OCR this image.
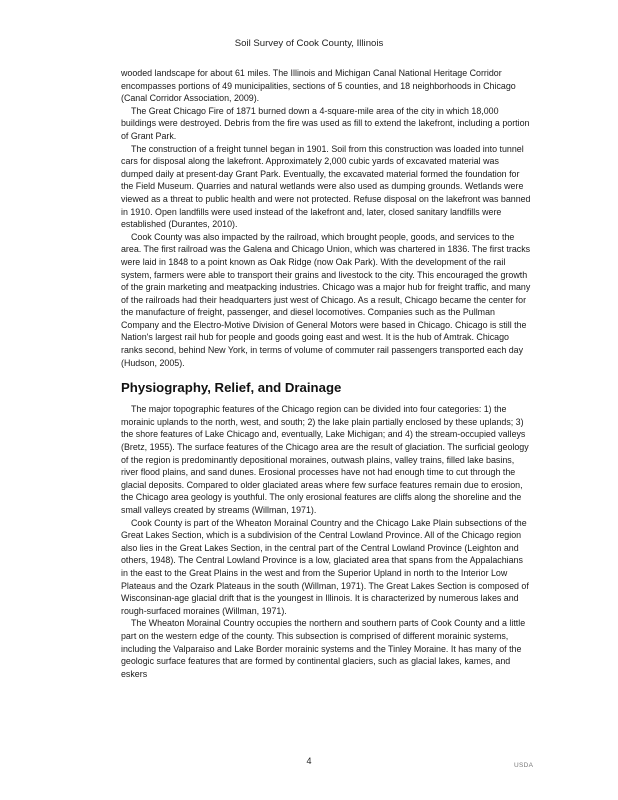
Soil Survey of Cook County, Illinois

wooded landscape for about 61 miles. The Illinois and Michigan Canal National Heritage Corridor encompasses portions of 49 municipalities, sections of 5 counties, and 18 neighborhoods in Chicago (Canal Corridor Association, 2009).

The Great Chicago Fire of 1871 burned down a 4-square-mile area of the city in which 18,000 buildings were destroyed. Debris from the fire was used as fill to extend the lakefront, including a portion of Grant Park.

The construction of a freight tunnel began in 1901. Soil from this construction was loaded into tunnel cars for disposal along the lakefront. Approximately 2,000 cubic yards of excavated material was dumped daily at present-day Grant Park. Eventually, the excavated material formed the foundation for the Field Museum. Quarries and natural wetlands were also used as dumping grounds. Wetlands were viewed as a threat to public health and were not protected. Refuse disposal on the lakefront was banned in 1910. Open landfills were used instead of the lakefront and, later, closed sanitary landfills were established (Durantes, 2010).

Cook County was also impacted by the railroad, which brought people, goods, and services to the area. The first railroad was the Galena and Chicago Union, which was chartered in 1836. The first tracks were laid in 1848 to a point known as Oak Ridge (now Oak Park). With the development of the rail system, farmers were able to transport their grains and livestock to the city. This encouraged the growth of the grain marketing and meatpacking industries. Chicago was a major hub for freight traffic, and many of the railroads had their headquarters just west of Chicago. As a result, Chicago became the center for the manufacture of freight, passenger, and diesel locomotives. Companies such as the Pullman Company and the Electro-Motive Division of General Motors were based in Chicago. Chicago is still the Nation's largest rail hub for people and goods going east and west. It is the hub of Amtrak. Chicago ranks second, behind New York, in terms of volume of commuter rail passengers transported each day (Hudson, 2005).

Physiography, Relief, and Drainage

The major topographic features of the Chicago region can be divided into four categories: 1) the morainic uplands to the north, west, and south; 2) the lake plain partially enclosed by these uplands; 3) the shore features of Lake Chicago and, eventually, Lake Michigan; and 4) the stream-occupied valleys (Bretz, 1955). The surface features of the Chicago area are the result of glaciation. The surficial geology of the region is predominantly depositional moraines, outwash plains, valley trains, filled lake basins, river flood plains, and sand dunes. Erosional processes have not had enough time to cut through the glacial deposits. Compared to older glaciated areas where few surface features remain due to erosion, the Chicago area geology is youthful. The only erosional features are cliffs along the shoreline and the small valleys created by streams (Willman, 1971).

Cook County is part of the Wheaton Morainal Country and the Chicago Lake Plain subsections of the Great Lakes Section, which is a subdivision of the Central Lowland Province. All of the Chicago region also lies in the Great Lakes Section, in the central part of the Central Lowland Province (Leighton and others, 1948). The Central Lowland Province is a low, glaciated area that spans from the Appalachians in the east to the Great Plains in the west and from the Superior Upland in north to the Interior Low Plateaus and the Ozark Plateaus in the south (Willman, 1971). The Great Lakes Section is composed of Wisconsinan-age glacial drift that is the youngest in Illinois. It is characterized by numerous lakes and rough-surfaced moraines (Willman, 1971).

The Wheaton Morainal Country occupies the northern and southern parts of Cook County and a little part on the western edge of the county. This subsection is comprised of different morainic systems, including the Valparaiso and Lake Border morainic systems and the Tinley Moraine. It has many of the geologic surface features that are formed by continental glaciers, such as glacial lakes, kames, and eskers

4	USDA
